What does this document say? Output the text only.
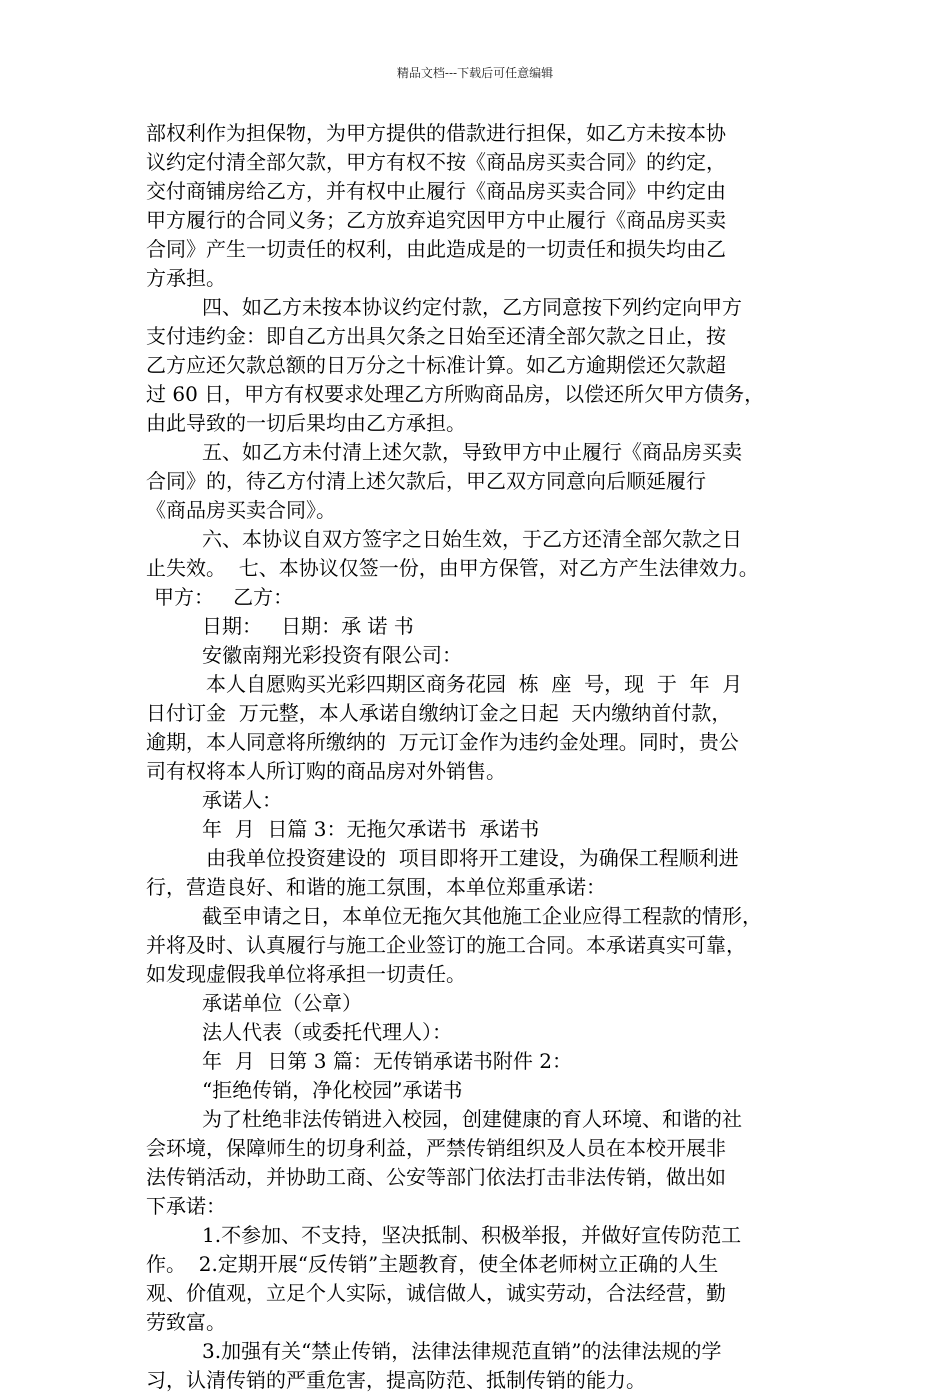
精品文档---下载后可任意编辑
部权利作为担保物，为甲方提供的借款进行担保，如乙方未按本协
议约定付清全部欠款，甲方有权不按《商品房买卖合同》的约定，
交付商铺房给乙方，并有权中止履行《商品房买卖合同》中约定由
甲方履行的合同义务；乙方放弃追究因甲方中止履行《商品房买卖
合同》产生一切责任的权利，由此造成是的一切责任和损失均由乙
方承担。
四、如乙方未按本协议约定付款，乙方同意按下列约定向甲方
支付违约金：即自乙方出具欠条之日始至还清全部欠款之日止，按
乙方应还欠款总额的日万分之十标准计算。如乙方逾期偿还欠款超
过 60 日，甲方有权要求处理乙方所购商品房，以偿还所欠甲方债务，
由此导致的一切后果均由乙方承担。
五、如乙方未付清上述欠款，导致甲方中止履行《商品房买卖
合同》的，待乙方付清上述欠款后，甲乙双方同意向后顺延履行
《商品房买卖合同》。
六、本协议自双方签字之日始生效，于乙方还清全部欠款之日
止失效。  七、本协议仅签一份，由甲方保管，对乙方产生法律效力。
甲方：   乙方：
日期：   日期：承 诺 书
安徽南翔光彩投资有限公司：
本人自愿购买光彩四期区商务花园  栋  座  号，现  于  年  月
日付订金  万元整，本人承诺自缴纳订金之日起  天内缴纳首付款，
逾期，本人同意将所缴纳的  万元订金作为违约金处理。同时，贵公
司有权将本人所订购的商品房对外销售。
承诺人：
年  月  日篇 3：无拖欠承诺书  承诺书
由我单位投资建设的  项目即将开工建设，为确保工程顺利进
行，营造良好、和谐的施工氛围，本单位郑重承诺：
截至申请之日，本单位无拖欠其他施工企业应得工程款的情形，
并将及时、认真履行与施工企业签订的施工合同。本承诺真实可靠，
如发现虚假我单位将承担一切责任。
承诺单位（公章）
法人代表（或委托代理人）：
年  月  日第 3 篇：无传销承诺书附件 2：
“拒绝传销，净化校园”承诺书
为了杜绝非法传销进入校园，创建健康的育人环境、和谐的社
会环境，保障师生的切身利益，严禁传销组织及人员在本校开展非
法传销活动，并协助工商、公安等部门依法打击非法传销，做出如
下承诺：
1.不参加、不支持，坚决抵制、积极举报，并做好宣传防范工
作。  2.定期开展“反传销”主题教育，使全体老师树立正确的人生
观、价值观，立足个人实际，诚信做人，诚实劳动，合法经营，勤
劳致富。
3.加强有关“禁止传销，法律法律规范直销”的法律法规的学
习，认清传销的严重危害，提高防范、抵制传销的能力。
